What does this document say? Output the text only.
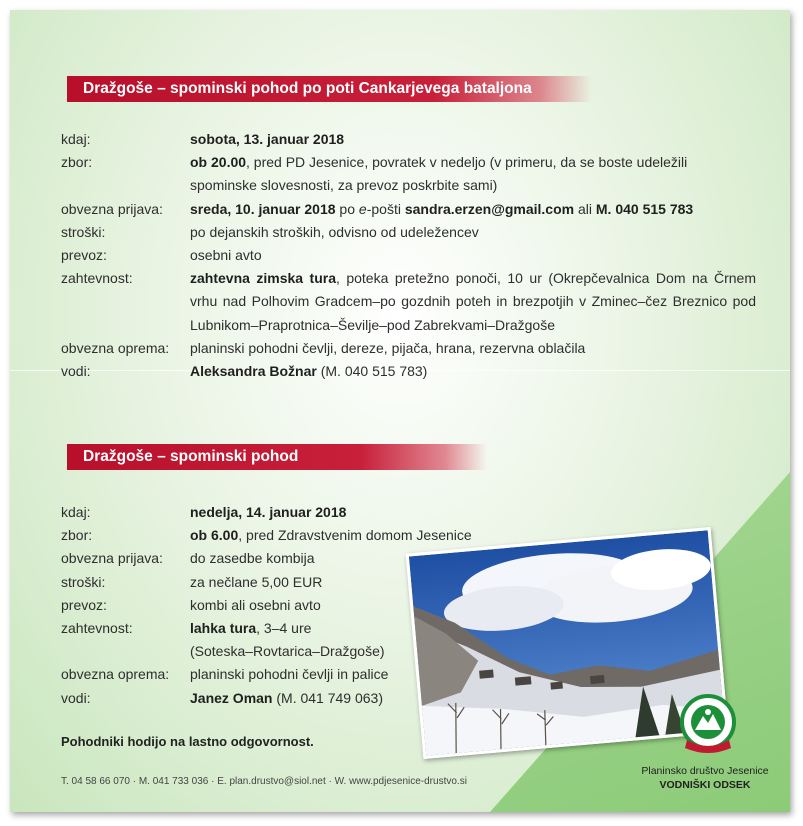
Dražgoše – spominski pohod po poti Cankarjevega bataljona
kdaj:	sobota, 13. januar 2018
zbor:	ob 20.00, pred PD Jesenice, povratek v nedeljo (v primeru, da se boste udeležili spominske slovesnosti, za prevoz poskrbite sami)
obvezna prijava:	sreda, 10. januar 2018 po e-pošti sandra.erzen@gmail.com ali M. 040 515 783
stroški:	po dejanskih stroških, odvisno od udeležencev
prevoz:	osebni avto
zahtevnost:	zahtevna zimska tura, poteka pretežno ponoči, 10 ur (Okrepčevalnica Dom na Črnem vrhu nad Polhovim Gradcem–po gozdnih poteh in brezpotjih v Zminec–čez Breznico pod Lubnikom–Praprotnica–Ševiljе–pod Zabrekvami–Dražgoše
obvezna oprema:	planinski pohodni čevlji, dereze, pijača, hrana, rezervna oblačila
vodi:	Aleksandra Božnar (M. 040 515 783)
Dražgoše – spominski pohod
kdaj:	nedelja, 14. januar 2018
zbor:	ob 6.00, pred Zdravstvenim domom Jesenice
obvezna prijava:	do zasedbe kombija
stroški:	za nečlane 5,00 EUR
prevoz:	kombi ali osebni avto
zahtevnost:	lahka tura, 3–4 ure
(Soteska–Rovtarica–Dražgoše)
obvezna oprema:	planinski pohodni čevlji in palice
vodi:	Janez Oman (M. 041 749 063)
Pohodniki hodijo na lastno odgovornost.
T. 04 58 66 070 · M. 041 733 036 · E. plan.drustvo@siol.net · W. www.pdjesenice-drustvo.si
Planinsko društvo Jesenice
VODNIŠKI ODSEK
